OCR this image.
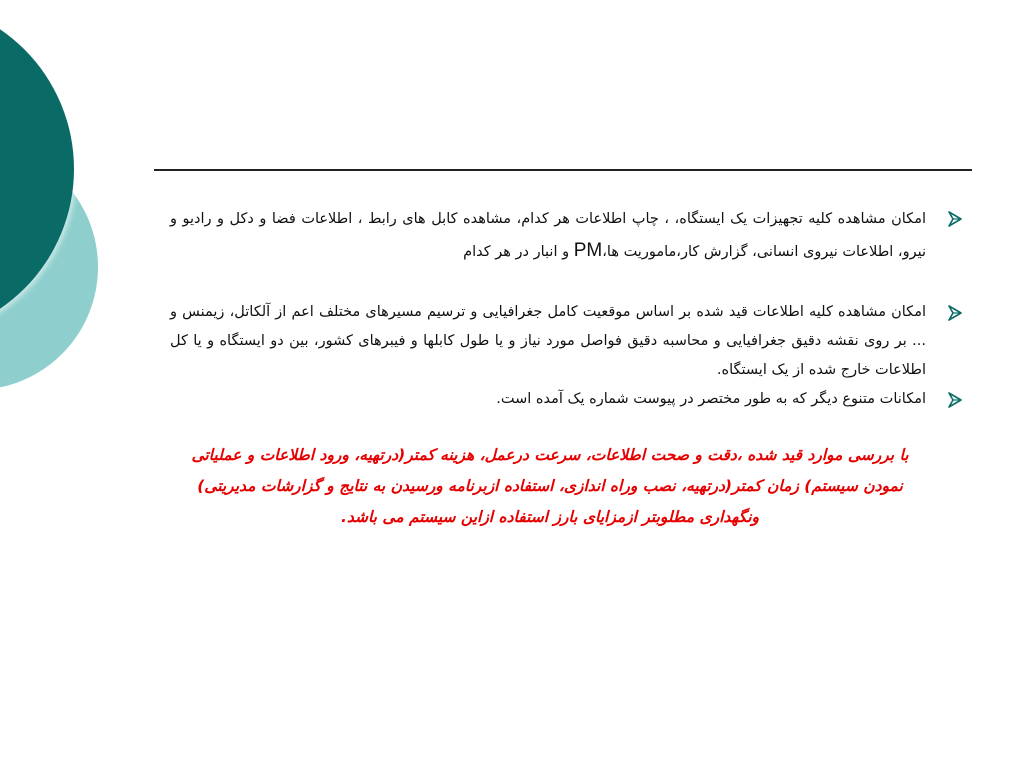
امکان مشاهده کلیه تجهیزات یک ایستگاه، ، چاپ اطلاعات هر کدام، مشاهده کابل های رابط ، اطلاعات فضا و دکل و رادیو و نیرو، اطلاعات نیروی انسانی، گزارش کار،ماموریت ها،PM و انبار در هر کدام
امکان مشاهده کلیه اطلاعات قید شده بر اساس موقعیت کامل جغرافیایی و ترسیم مسیرهای مختلف اعم از آلکاتل، زیمنس و ... بر روی نقشه دقیق جغرافیایی و محاسبه دقیق فواصل مورد نیاز و یا طول کابلها و فیبرهای کشور، بین دو ایستگاه و یا کل اطلاعات خارج شده از یک ایستگاه.
امکانات متنوع دیگر که به طور مختصر در پیوست شماره یک آمده است.

با بررسی موارد قید شده ،دقت و صحت اطلاعات، سرعت درعمل، هزینه کمتر(درتهیه، ورود اطلاعات و عملیاتی نمودن سیستم) زمان کمتر(درتهیه، نصب وراه اندازی، استفاده ازبرنامه ورسیدن به نتایج و گزارشات مدیریتی) ونگهداری مطلوبتر ازمزایای بارز استفاده ازاین سیستم می باشد.
